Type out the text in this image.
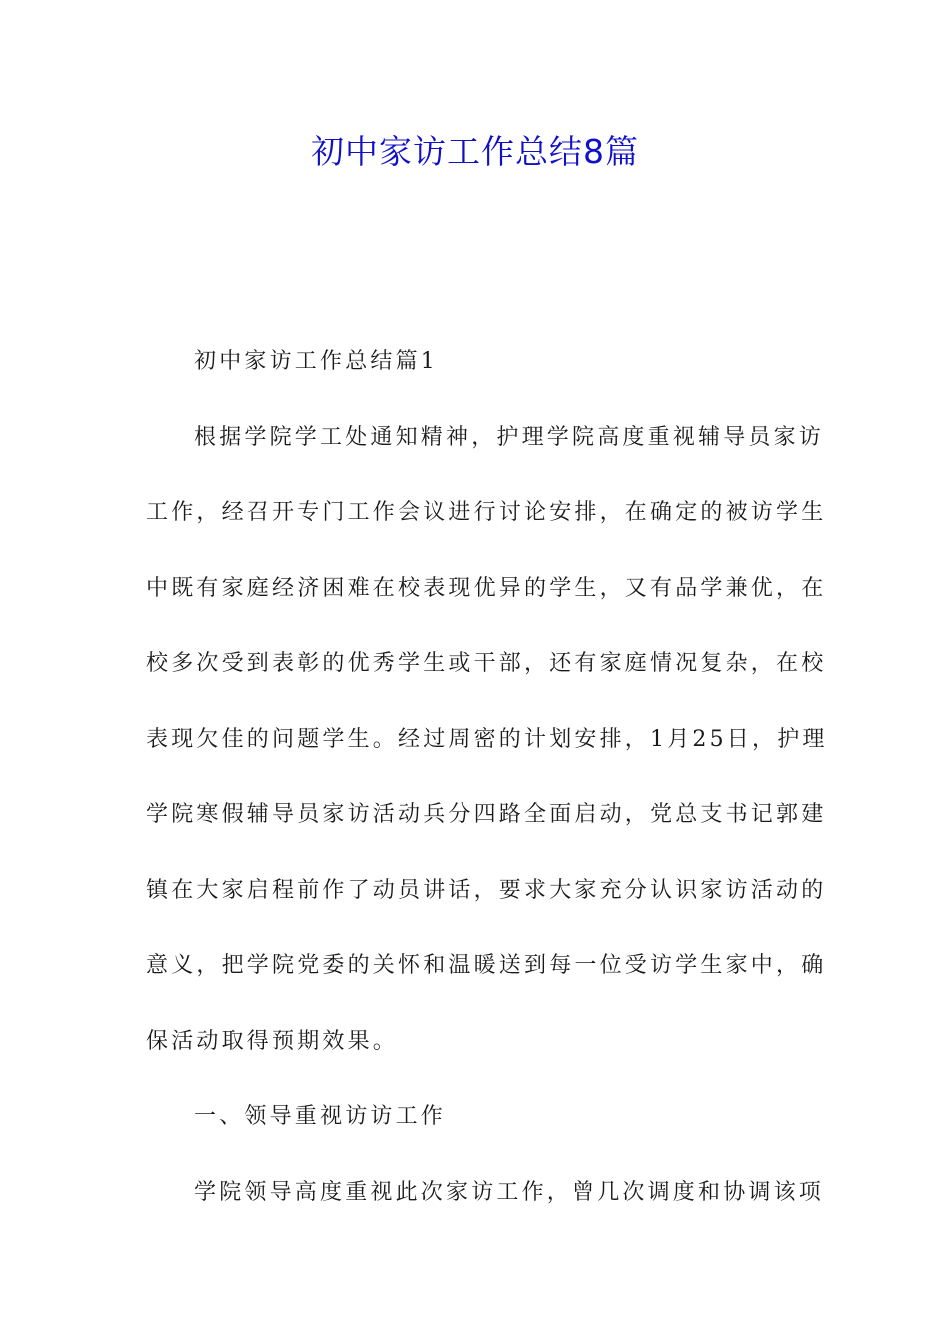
初中家访工作总结8篇
初中家访工作总结篇1
根据学院学工处通知精神，护理学院高度重视辅导员家访
工作，经召开专门工作会议进行讨论安排，在确定的被访学生
中既有家庭经济困难在校表现优异的学生，又有品学兼优，在
校多次受到表彰的优秀学生或干部，还有家庭情况复杂，在校
表现欠佳的问题学生。经过周密的计划安排，1月25日，护理
学院寒假辅导员家访活动兵分四路全面启动，党总支书记郭建
镇在大家启程前作了动员讲话，要求大家充分认识家访活动的
意义，把学院党委的关怀和温暖送到每一位受访学生家中，确
保活动取得预期效果。
一、领导重视访访工作
学院领导高度重视此次家访工作，曾几次调度和协调该项
